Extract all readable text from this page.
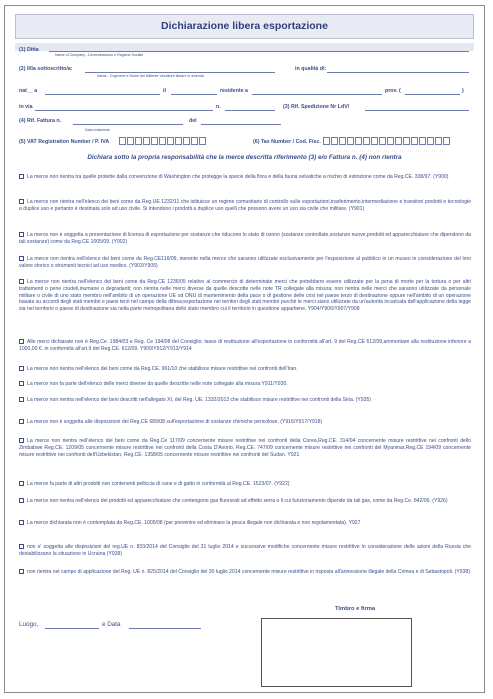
Dichiarazione libera esportazione
(1) Ditta
Name of Company - Denominazione e Ragione Sociale
(2) Il/la sottoscritto/a:	in qualità di:
Name - Cognome e Nome del Mittente Venditore titolare in azienda
nat__ a	il	residente a	prov. (	)
in via	n.	(3) Rif. Spedizione Nr LdV/
(4) Rif. Fattura n.	del
Data emissione
(5) VAT Registration Number / P. IVA	(6) Tax Number / Cod. Fisc.
Dichiara sotto la propria responsabilità che la merce descritta riferimento (3) e/o Fattura n. (4) non rientra
La merce non rientra tra quelle protette dalla convenzione di Washington che protegge la specie della flora e della fauna selvatiche a rischio di estinzione come da Reg.CE. 338/97. (Y900)
La merce non rientra nell'elenco dei beni come da Reg.UE 1232/11 che istituisce un regime comunitario di controllo sulle esportazioni,trasferimento,intermediazione e transitori prodotti e tecnologie a duplice uso e pertanto è destinata solo ad uso civile. Si intendono i prodotti a duplice uso quelli che possono avere un uso sia civile che militare. (Y901)
La merce non è soggetta a presentazione di licenza di esportazione per sostanze che riducono lo stato di ozono (sostanze controllate,sostanze nuove,prodotti ed apparecchiature che dipendono da tali sostanze) come da Reg.CE 1005/09. (Y902)
La merce non rientra nell'elenco dei beni come da Reg.CE116/09, inerente nella merce che saranno utilizzate esclusivamente per l'esposizione al pubblico in un museo in considerazione del loro valore storico o strumenti tecnici ad uso medico. (Y903/Y905)
La merce non rientra nell'elenco dei beni come da Reg.CE 1236/05 relativo al commercio di determinate merci che potrebbero essere utilizzate per la pena di morte per la tortura o per altri trattamenti o pene crudeli,inumane o degradanti; non rientra nelle merci diverse da quelle descritte nelle note TR collegate alla misura; non rientra nelle merci che saranno utilizzate da personale militare o civile di uno stato membro nell'ambito di un operazione UE od ONU di mantenimento della pace o di gestione delle crisi nel paese terzo di destinazione oppure nell'ambito di un operazione basata su accordi degli stati membri e paesi terzi nel campo della difesa;esportazione nei territori degli stati membri purchè le merci siano utilizzate da un'autorità incaricata dell'applicazione della legge sia nel territorio o paese di destinazione sia nella parte metropolitana dello stato membro cui il territorio in questione appartiene. Y904/Y906/Y907/Y908
Alle merci dichiarate non è Reg.Ce. 1984/03 e Reg. Ce 194/08 del Consiglio; tasso di restituzione all'esportazione in conformità all'art. 9 del Reg.CE 612/09,ammontare alla restituzione inferiore a 1000,00 €. in conformità all'art.9 del Reg.CE. 612/09. Y909/Y912/Y913/Y914
La merce non rientra nell'elenco dei beni come da Reg.CE. 961/10 che stabilisce misure restrittive nei confronti dell'Iran.
La merce non fa parte dell'elenco delle merci diverse da quelle descritte nelle note collegate alla misura Y911/Y930.
La merce non rientra nell'elenco dei beni descritti nell'allegato XI, del Reg. UE. 1332/2013 che stabilisce misure restrittive nei confronti della Siria. (Y935)
La merce non è soggetta alle disposizioni del Reg.CE 689/08 sull'esportazione di sostanze chimiche pericolose. (Y916/Y917/Y918)
La merce non rientra nell'elenco dei beni come da Reg.Ce 117/09 concernente misure restrittive nei confronti della Corea,Reg.CE. 314/04 concernente misure restrittive nei confronti dello Zimbabwe Reg.CE. 1209/05 concernente misure restrittive nei confronti della Costa D'Avorio, Reg.CE. 747/09 concernente misure restrittive nei confronti del Myanmar,Reg.CE 194/09 concernente misure restrittive nei confronti dell'Uzbekistan, Reg.CE. 1358/05 concernente misure restrittive nei confronti del Sudan. Y921
La merce fa parte di altri prodotti non contenenti pelliccia di cane e di gatto in conformità al Reg.CE. 1523/07. (Y922)
La merce non rientra nell'elenco dei prodotti ed apparecchiature che contengono gas fluorurati ad effetto serra o il cui funzionamento dipende da tali gas, come da Reg.Ce. 842/06. (Y926)
La merce dichiarata non è contemplata da Reg.CE. 1005/08 (per prevenire ed eliminare la pesca illegale non dichiarata e non regolamentata). Y927
non e' soggetta alle disposizioni del reg.UE n. 833/2014 del Consiglio del 31 luglio 2014 e successive modifiche concernente misure restrittive in considerazione delle azioni della Russia che destabilizzano la situazione in Ucraina (Y939)
non rientra nel campo di applicazione del Reg. UE n. 825/2014 del Consiglio del 30 luglio 2014 concernente misure restrittive in risposta all'annessione illegale della Crimea e di Sebastopoli. (Y938)
Timbro e firma
Luogo,	e Data
